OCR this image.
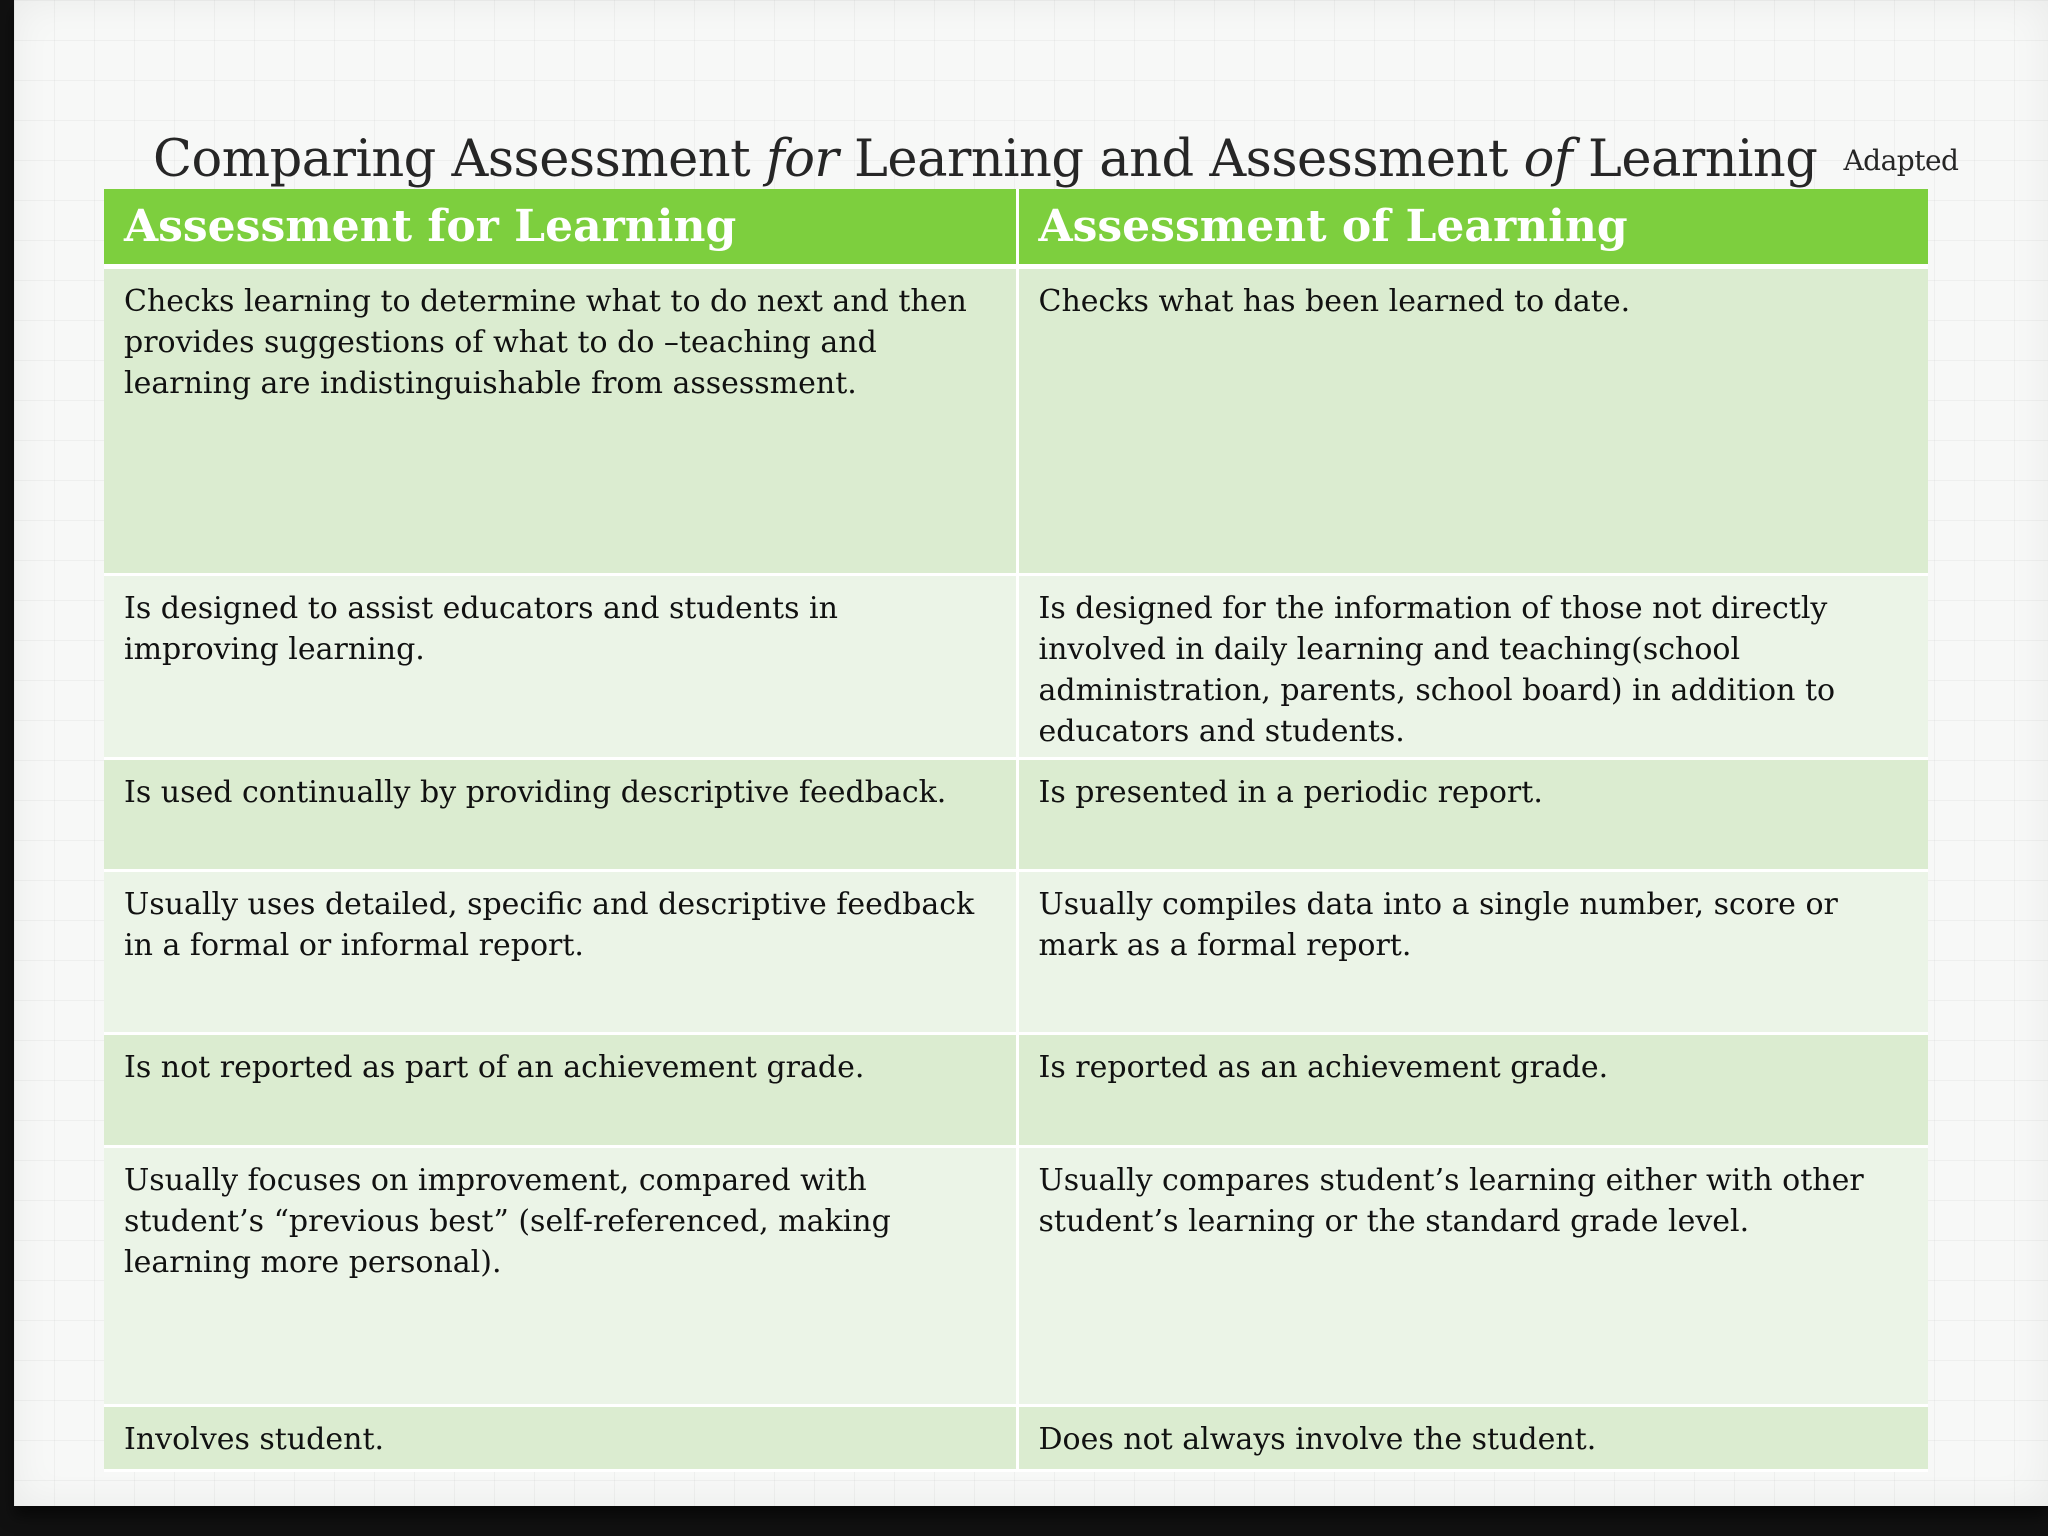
Comparing Assessment for Learning and Assessment of Learning Adapted
Assessment for Learning	Assessment of Learning
Checks learning to determine what to do next and then provides suggestions of what to do –teaching and learning are indistinguishable from assessment.	Checks what has been learned to date.
Is designed to assist educators and students in improving learning.	Is designed for the information of those not directly involved in daily learning and teaching(school administration, parents, school board) in addition to educators and students.
Is used continually by providing descriptive feedback.	Is presented in a periodic report.
Usually uses detailed, specific and descriptive feedback in a formal or informal report.	Usually compiles data into a single number, score or mark as a formal report.
Is not reported as part of an achievement grade.	Is reported as an achievement grade.
Usually focuses on improvement, compared with student’s “previous best” (self-referenced, making learning more personal).	Usually compares student’s learning either with other student’s learning or the standard grade level.
Involves student.	Does not always involve the student.
